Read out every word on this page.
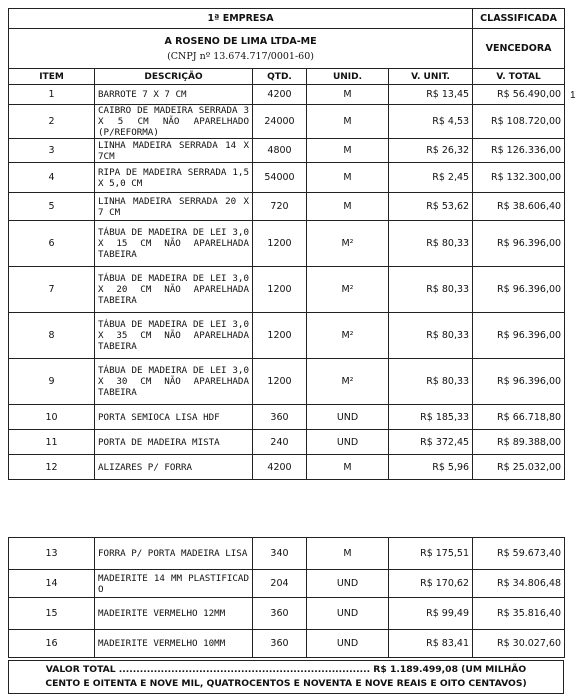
1ª EMPRESA					CLASSIFICADA

A ROSENO DE LIMA LTDA-ME
(CNPJ nº 13.674.717/0001-60)					VENCEDORA
ITEM	DESCRIÇÃO	QTD.	UNID.	V. UNIT.	V. TOTAL
1	BARROTE 7 X 7 CM	4200	M	R$ 13,45	R$ 56.490,00
2	CAIBRO DE MADEIRA SERRADA 3 X 5 CM NÃO APARELHADO (P/REFORMA)	24000	M	R$ 4,53	R$ 108.720,00
3	LINHA MADEIRA SERRADA 14 X 7CM	4800	M	R$ 26,32	R$ 126.336,00
4	RIPA DE MADEIRA SERRADA 1,5 X 5,0 CM	54000	M	R$ 2,45	R$ 132.300,00
5	LINHA MADEIRA SERRADA 20 X 7 CM	720	M	R$ 53,62	R$ 38.606,40
6	TÁBUA DE MADEIRA DE LEI 3,0 X 15 CM NÃO APARELHADA TABEIRA	1200	M²	R$ 80,33	R$ 96.396,00
7	TÁBUA DE MADEIRA DE LEI 3,0 X 20 CM NÃO APARELHADA TABEIRA	1200	M²	R$ 80,33	R$ 96.396,00
8	TÁBUA DE MADEIRA DE LEI 3,0 X 35 CM NÃO APARELHADA TABEIRA	1200	M²	R$ 80,33	R$ 96.396,00
9	TÁBUA DE MADEIRA DE LEI 3,0 X 30 CM NÃO APARELHADA TABEIRA	1200	M²	R$ 80,33	R$ 96.396,00
10	PORTA SEMIOCA LISA HDF	360	UND	R$ 185,33	R$ 66.718,80
11	PORTA DE MADEIRA MISTA	240	UND	R$ 372,45	R$ 89.388,00
12	ALIZARES P/ FORRA	4200	M	R$ 5,96	R$ 25.032,00
13	FORRA P/ PORTA MADEIRA LISA	340	M	R$ 175,51	R$ 59.673,40
14	MADEIRITE 14 MM PLASTIFICAD O	204	UND	R$ 170,62	R$ 34.806,48
15	MADEIRITE VERMELHO 12MM	360	UND	R$ 99,49	R$ 35.816,40
16	MADEIRITE VERMELHO 10MM	360	UND	R$ 83,41	R$ 30.027,60
VALOR TOTAL ........................................................................ R$ 1.189.499,08 (UM MILHÃO
CENTO E OITENTA E NOVE MIL, QUATROCENTOS E NOVENTA E NOVE REAIS E OITO CENTAVOS)
1
